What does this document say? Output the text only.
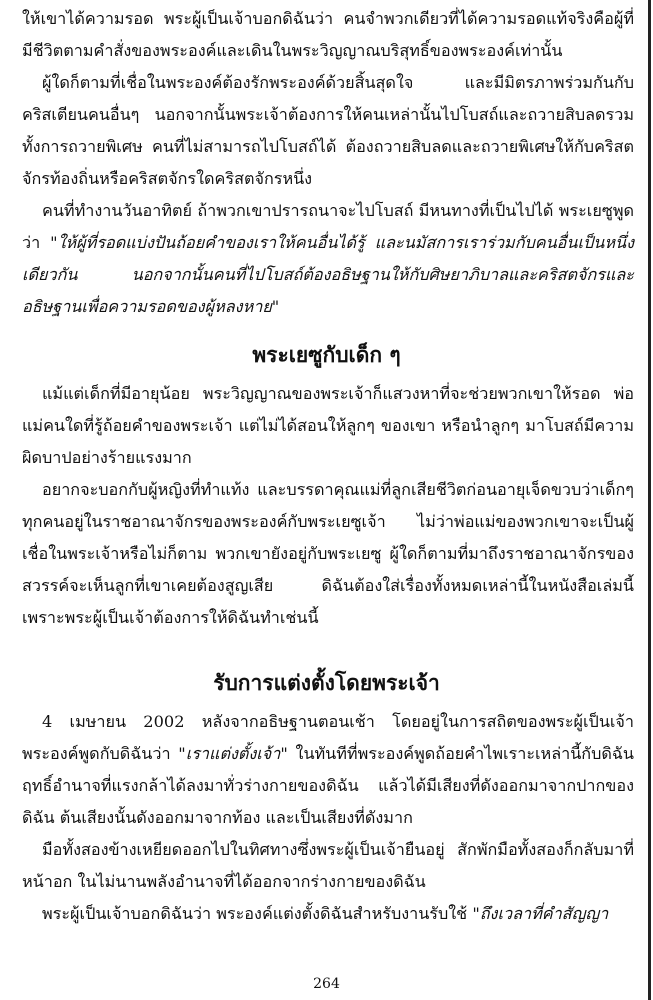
ให้เขาได้ความรอด พระผู้เป็นเจ้าบอกดิฉันว่า คนจำพวกเดียวที่ได้ความรอดแท้จริงคือผู้ที่มีชีวิตตามคำสั่งของพระองค์และเดินในพระวิญญาณบริสุทธิ์ของพระองค์เท่านั้น

ผู้ใดก็ตามที่เชื่อในพระองค์ต้องรักพระองค์ด้วยสิ้นสุดใจ และมีมิตรภาพร่วมกันกับคริสเตียนคนอื่นๆ นอกจากนั้นพระเจ้าต้องการให้คนเหล่านั้นไปโบสถ์และถวายสิบลดรวมทั้งการถวายพิเศษ คนที่ไม่สามารถไปโบสถ์ได้ ต้องถวายสิบลดและถวายพิเศษให้กับคริสตจักรท้องถิ่นหรือคริสตจักรใดคริสตจักรหนึ่ง

คนที่ทำงานวันอาทิตย์ ถ้าพวกเขาปรารถนาจะไปโบสถ์ มีหนทางที่เป็นไปได้ พระเยซูพูดว่า "ให้ผู้ที่รอดแบ่งปันถ้อยคำของเราให้คนอื่นได้รู้ และนมัสการเราร่วมกับคนอื่นเป็นหนึ่งเดียวกัน นอกจากนั้นคนที่ไปโบสถ์ต้องอธิษฐานให้กับศิษยาภิบาลและคริสตจักรและอธิษฐานเพื่อความรอดของผู้หลงหาย"

พระเยซูกับเด็ก ๆ

แม้แต่เด็กที่มีอายุน้อย พระวิญญาณของพระเจ้าก็แสวงหาที่จะช่วยพวกเขาให้รอด พ่อแม่คนใดที่รู้ถ้อยคำของพระเจ้า แต่ไม่ได้สอนให้ลูกๆ ของเขา หรือนำลูกๆ มาโบสถ์มีความผิดบาปอย่างร้ายแรงมาก

อยากจะบอกกับผู้หญิงที่ทำแท้ง และบรรดาคุณแม่ที่ลูกเสียชีวิตก่อนอายุเจ็ดขวบว่าเด็กๆ ทุกคนอยู่ในราชอาณาจักรของพระองค์กับพระเยซูเจ้า ไม่ว่าพ่อแม่ของพวกเขาจะเป็นผู้เชื่อในพระเจ้าหรือไม่ก็ตาม พวกเขายังอยู่กับพระเยซู ผู้ใดก็ตามที่มาถึงราชอาณาจักรของสวรรค์จะเห็นลูกที่เขาเคยต้องสูญเสีย ดิฉันต้องใส่เรื่องทั้งหมดเหล่านี้ในหนังสือเล่มนี้ เพราะพระผู้เป็นเจ้าต้องการให้ดิฉันทำเช่นนี้

รับการแต่งตั้งโดยพระเจ้า

4 เมษายน 2002 หลังจากอธิษฐานตอนเช้า โดยอยู่ในการสถิตของพระผู้เป็นเจ้าพระองค์พูดกับดิฉันว่า "เราแต่งตั้งเจ้า" ในทันทีที่พระองค์พูดถ้อยคำไพเราะเหล่านี้กับดิฉันฤทธิ์อำนาจที่แรงกล้าได้ลงมาทั่วร่างกายของดิฉัน แล้วได้มีเสียงที่ดังออกมาจากปากของดิฉัน ต้นเสียงนั้นดังออกมาจากท้อง และเป็นเสียงที่ดังมาก

มือทั้งสองข้างเหยียดออกไปในทิศทางซึ่งพระผู้เป็นเจ้ายืนอยู่ สักพักมือทั้งสองก็กลับมาที่หน้าอก ในไม่นานพลังอำนาจที่ได้ออกจากร่างกายของดิฉัน

พระผู้เป็นเจ้าบอกดิฉันว่า พระองค์แต่งตั้งดิฉันสำหรับงานรับใช้ "ถึงเวลาที่คำสัญญา

264
